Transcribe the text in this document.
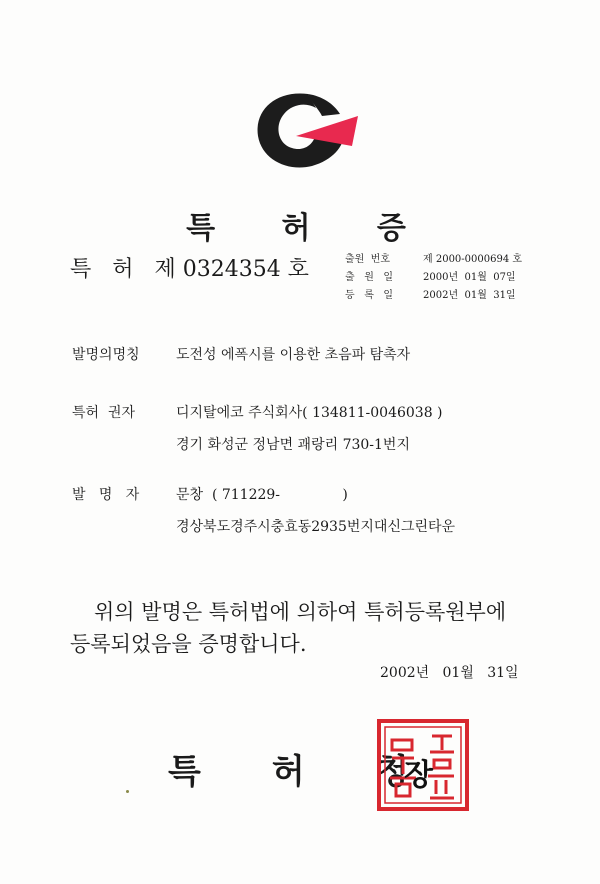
특 허 증
특   허   제 0324354 호	출원  번호	제 2000-0000694 호
출   원   일	2000년  01월  07일
등   록   일	2002년  01월  31일
발명의명칭	도전성 에폭시를 이용한 초음파 탐촉자
특허  권자	디지탈에코 주식회사( 134811-0046038 )
경기 화성군 정남면 괘랑리 730-1번지
발   명   자	문창  ( 711229-              )
경상북도경주시충효동2935번지대신그린타운
위의 발명은 특허법에 의하여 특허등록원부에
등록되었음을 증명합니다.
2002년   01월   31일
특      허      청
장
